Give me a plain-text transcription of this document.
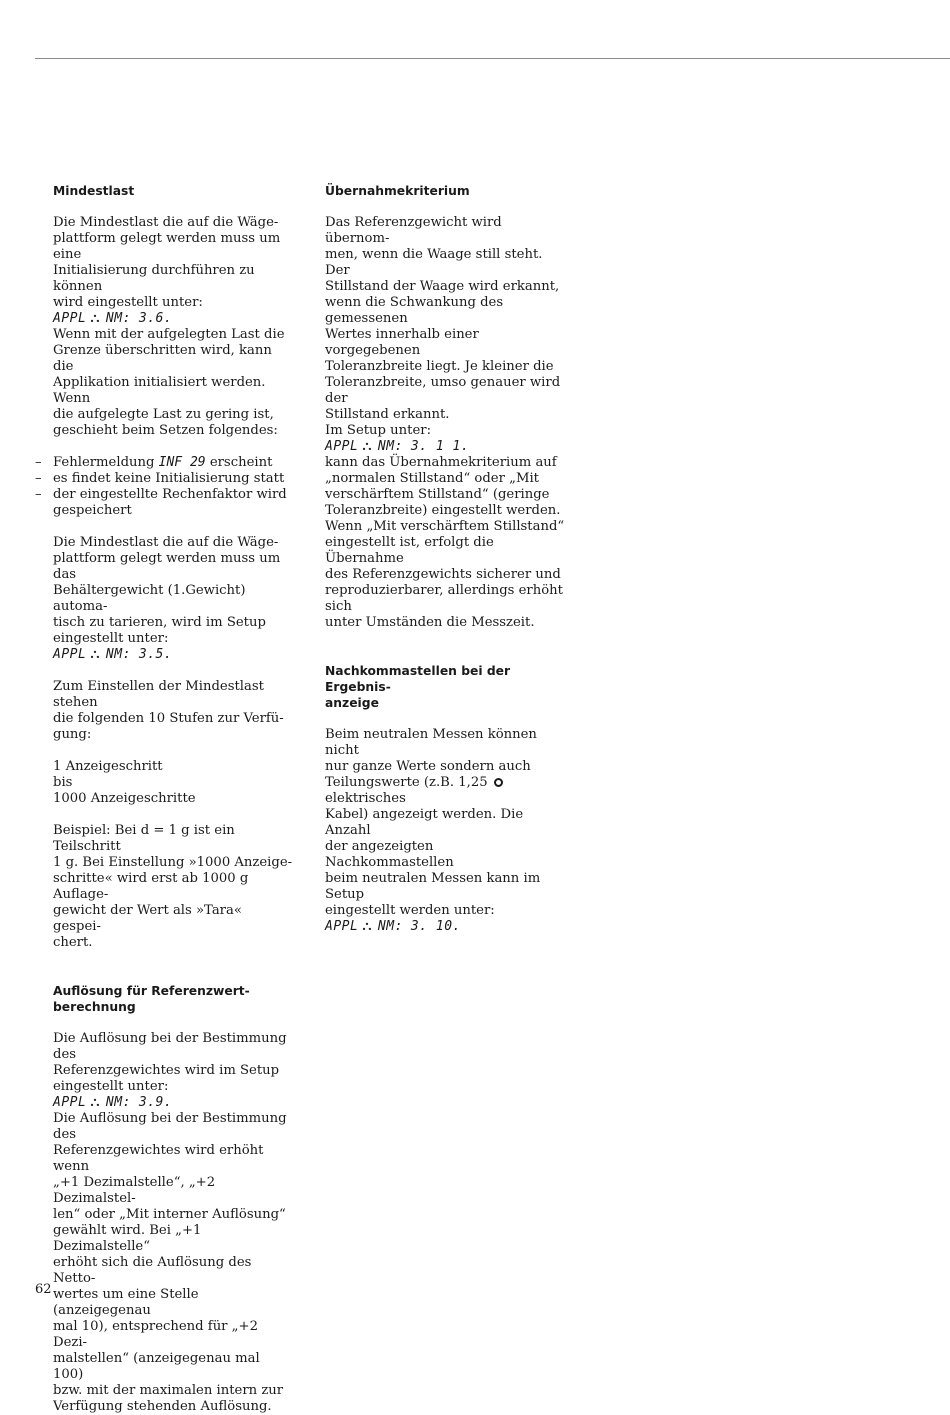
Mindestlast

Die Mindestlast die auf die Wäge-
plattform gelegt werden muss um eine
Initialisierung durchführen zu können
wird eingestellt unter:

APPL ⛬ NM: 3.6.

Wenn mit der aufgelegten Last die
Grenze überschritten wird, kann die
Applikation initialisiert werden. Wenn
die aufgelegte Last zu gering ist,
geschieht beim Setzen folgendes:

– Fehlermeldung INF 29 erscheint
– es findet keine Initialisierung statt
– der eingestellte Rechenfaktor wird
gespeichert

Die Mindestlast die auf die Wäge-
plattform gelegt werden muss um das
Behältergewicht (1.Gewicht) automa-
tisch zu tarieren, wird im Setup
eingestellt unter:

APPL ⛬ NM: 3.5.

Zum Einstellen der Mindestlast stehen
die folgenden 10 Stufen zur Verfü-
gung:

1 Anzeigeschritt
bis
1000 Anzeigeschritte

Beispiel: Bei d = 1 g ist ein Teilschritt
1 g. Bei Einstellung »1000 Anzeige-
schritte« wird erst ab 1000 g Auflage-
gewicht der Wert als »Tara« gespei-
chert.

Auflösung für Referenzwert-
berechnung

Die Auflösung bei der Bestimmung des
Referenzgewichtes wird im Setup
eingestellt unter:

APPL ⛬ NM: 3.9.

Die Auflösung bei der Bestimmung des
Referenzgewichtes wird erhöht wenn
„+1 Dezimalstelle“, „+2 Dezimalstel-
len“ oder „Mit interner Auflösung“
gewählt wird. Bei „+1 Dezimalstelle“
erhöht sich die Auflösung des Netto-
wertes um eine Stelle (anzeigegenau
mal 10), entsprechend für „+2 Dezi-
malstellen“ (anzeigegenau mal 100)
bzw. mit der maximalen intern zur
Verfügung stehenden Auflösung.

Übernahmekriterium

Das Referenzgewicht wird übernom-
men, wenn die Waage still steht. Der
Stillstand der Waage wird erkannt,
wenn die Schwankung des gemessenen
Wertes innerhalb einer vorgegebenen
Toleranzbreite liegt. Je kleiner die
Toleranzbreite, umso genauer wird der
Stillstand erkannt.
Im Setup unter:

APPL ⛬ NM: 3. 1 1.

kann das Übernahmekriterium auf
„normalen Stillstand“ oder „Mit
verschärftem Stillstand“ (geringe
Toleranzbreite) eingestellt werden.
Wenn „Mit verschärftem Stillstand“
eingestellt ist, erfolgt die Übernahme
des Referenzgewichts sicherer und
reproduzierbarer, allerdings erhöht sich
unter Umständen die Messzeit.

Nachkommastellen bei der Ergebnis-
anzeige

Beim neutralen Messen können nicht
nur ganze Werte sondern auch
Teilungswerte (z.B. 1,25  elektrisches
Kabel) angezeigt werden. Die Anzahl
der angezeigten Nachkommastellen
beim neutralen Messen kann im Setup
eingestellt werden unter:

APPL ⛬ NM: 3. 10.
62
